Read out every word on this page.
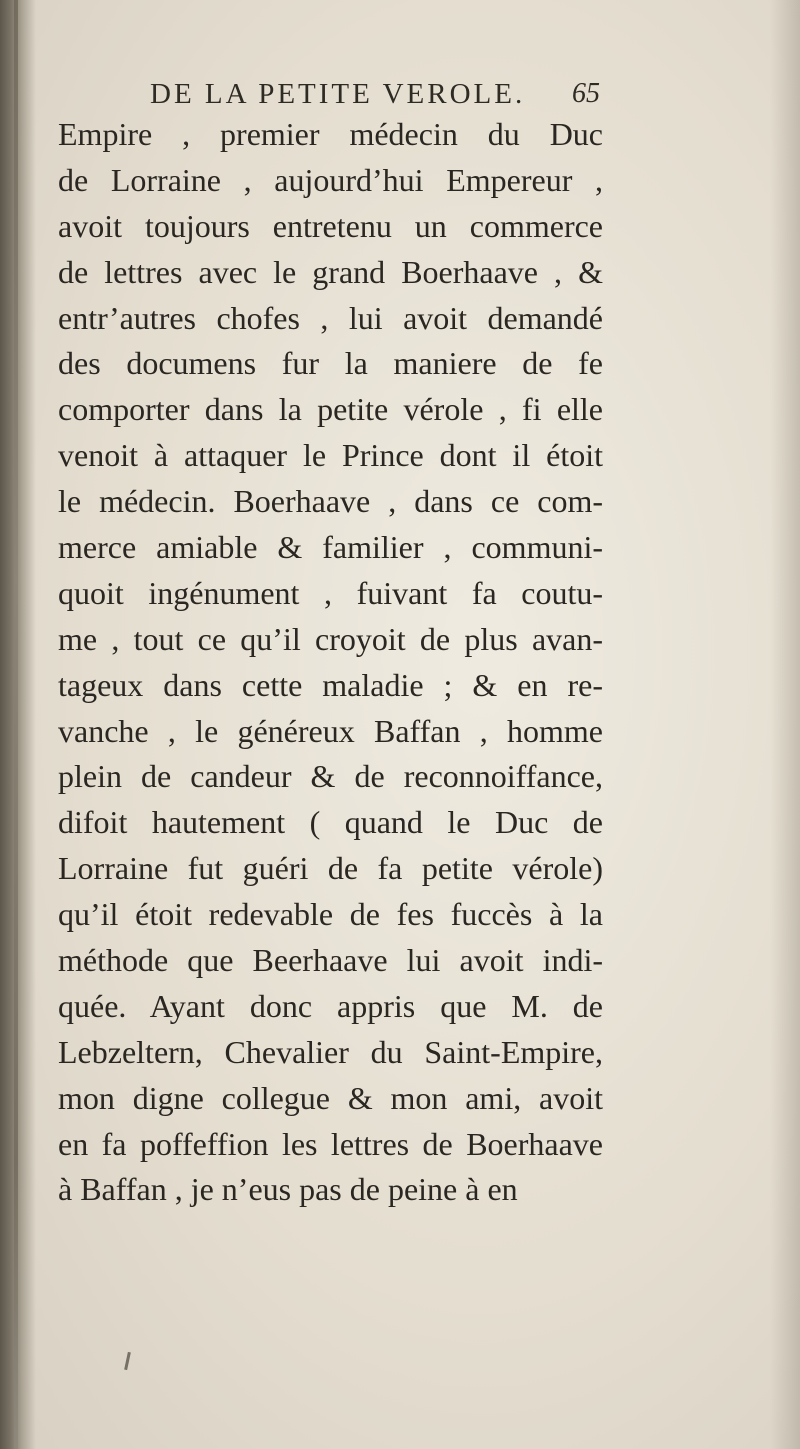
DE LA PETITE VEROLE. 65
Empire , premier médecin du Duc
de Lorraine , aujourd’hui Empereur ,
avoit toujours entretenu un commerce
de lettres avec le grand Boerhaave , &
entr’autres chofes , lui avoit demandé
des documens fur la maniere de fe
comporter dans la petite vérole , fi elle
venoit à attaquer le Prince dont il étoit
le médecin. Boerhaave , dans ce com-
merce amiable & familier , communi-
quoit ingénument , fuivant fa coutu-
me , tout ce qu’il croyoit de plus avan-
tageux dans cette maladie ; & en re-
vanche , le généreux Baffan , homme
plein de candeur & de reconnoiffance,
difoit hautement ( quand le Duc de
Lorraine fut guéri de fa petite vérole)
qu’il étoit redevable de fes fuccès à la
méthode que Beerhaave lui avoit indi-
quée. Ayant donc appris que M. de
Lebzeltern, Chevalier du Saint-Empire,
mon digne collegue & mon ami, avoit
en fa poffeffion les lettres de Boerhaave
à Baffan , je n’eus pas de peine à en
